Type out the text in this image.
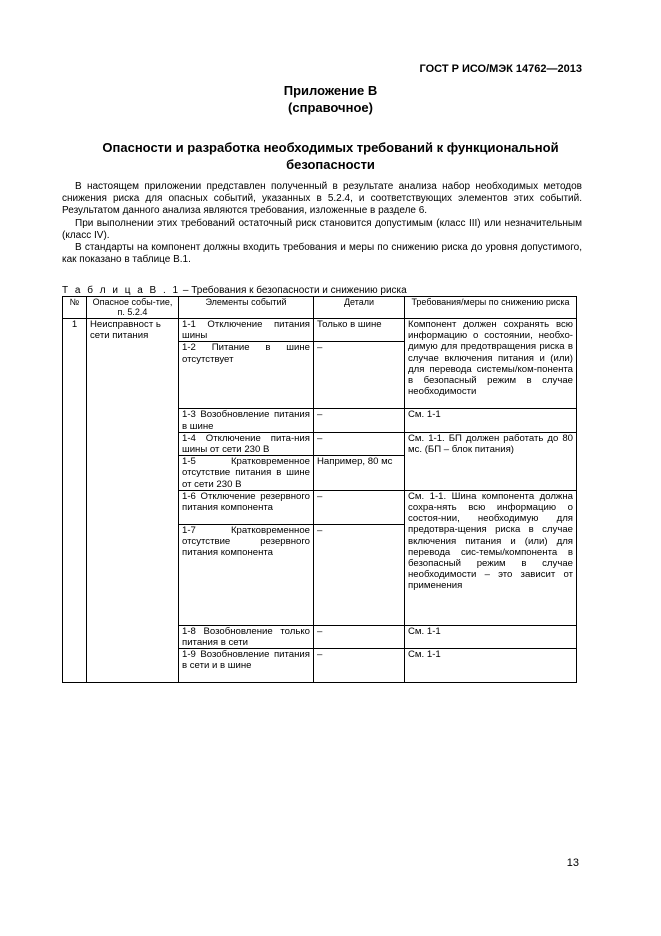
ГОСТ Р ИСО/МЭК 14762—2013
Приложение В
(справочное)
Опасности и разработка необходимых требований к функциональной
безопасности

В настоящем приложении представлен полученный в результате анализа набор необходимых методов снижения риска для опасных событий, указанных в 5.2.4, и соответствующих элементов этих событий. Результатом данного анализа являются требования, изложенные в разделе 6.

При выполнении этих требований остаточный риск становится допустимым (класс III) или незначительным (класс IV).

В стандарты на компонент должны входить требования и меры по снижению риска до уровня допустимого, как показано в таблице В.1.

Т а б л и ц а В . 1 – Требования к безопасности и снижению риска
№	Опасное собы-тие, п. 5.2.4	Элементы событий	Детали	Требования/меры по снижению риска
1	Неисправност ь сети питания	1-1 Отключение питания шины	Только в шине	Компонент должен сохранять всю информацию о состоянии, необхо-димую для предотвращения риска в случае включения питания и (или) для перевода системы/ком-понента в безопасный режим в случае необходимости
		1-2 Питание в шине отсутствует	–	
		1-3 Возобновление питания в шине	–	См. 1-1
		1-4 Отключение пита-ния шины от сети 230 В	–	См. 1-1. БП должен работать до 80 мс. (БП – блок питания)
		1-5 Кратковременное отсутствие питания в шине от сети 230 В	Например, 80 мс	
		1-6 Отключение резервного питания компонента	–	См. 1-1. Шина компонента должна сохра-нять всю информацию о состоя-нии, необходимую для предотвра-щения риска в случае включения питания и (или) для перевода сис-темы/компонента в безопасный режим в случае необходимости – это зависит от применения
		1-7 Кратковременное отсутствие резервного питания компонента	–	
		1-8 Возобновление только питания в сети	–	См. 1-1
		1-9 Возобновление питания в сети и в шине	–	См. 1-1
13
